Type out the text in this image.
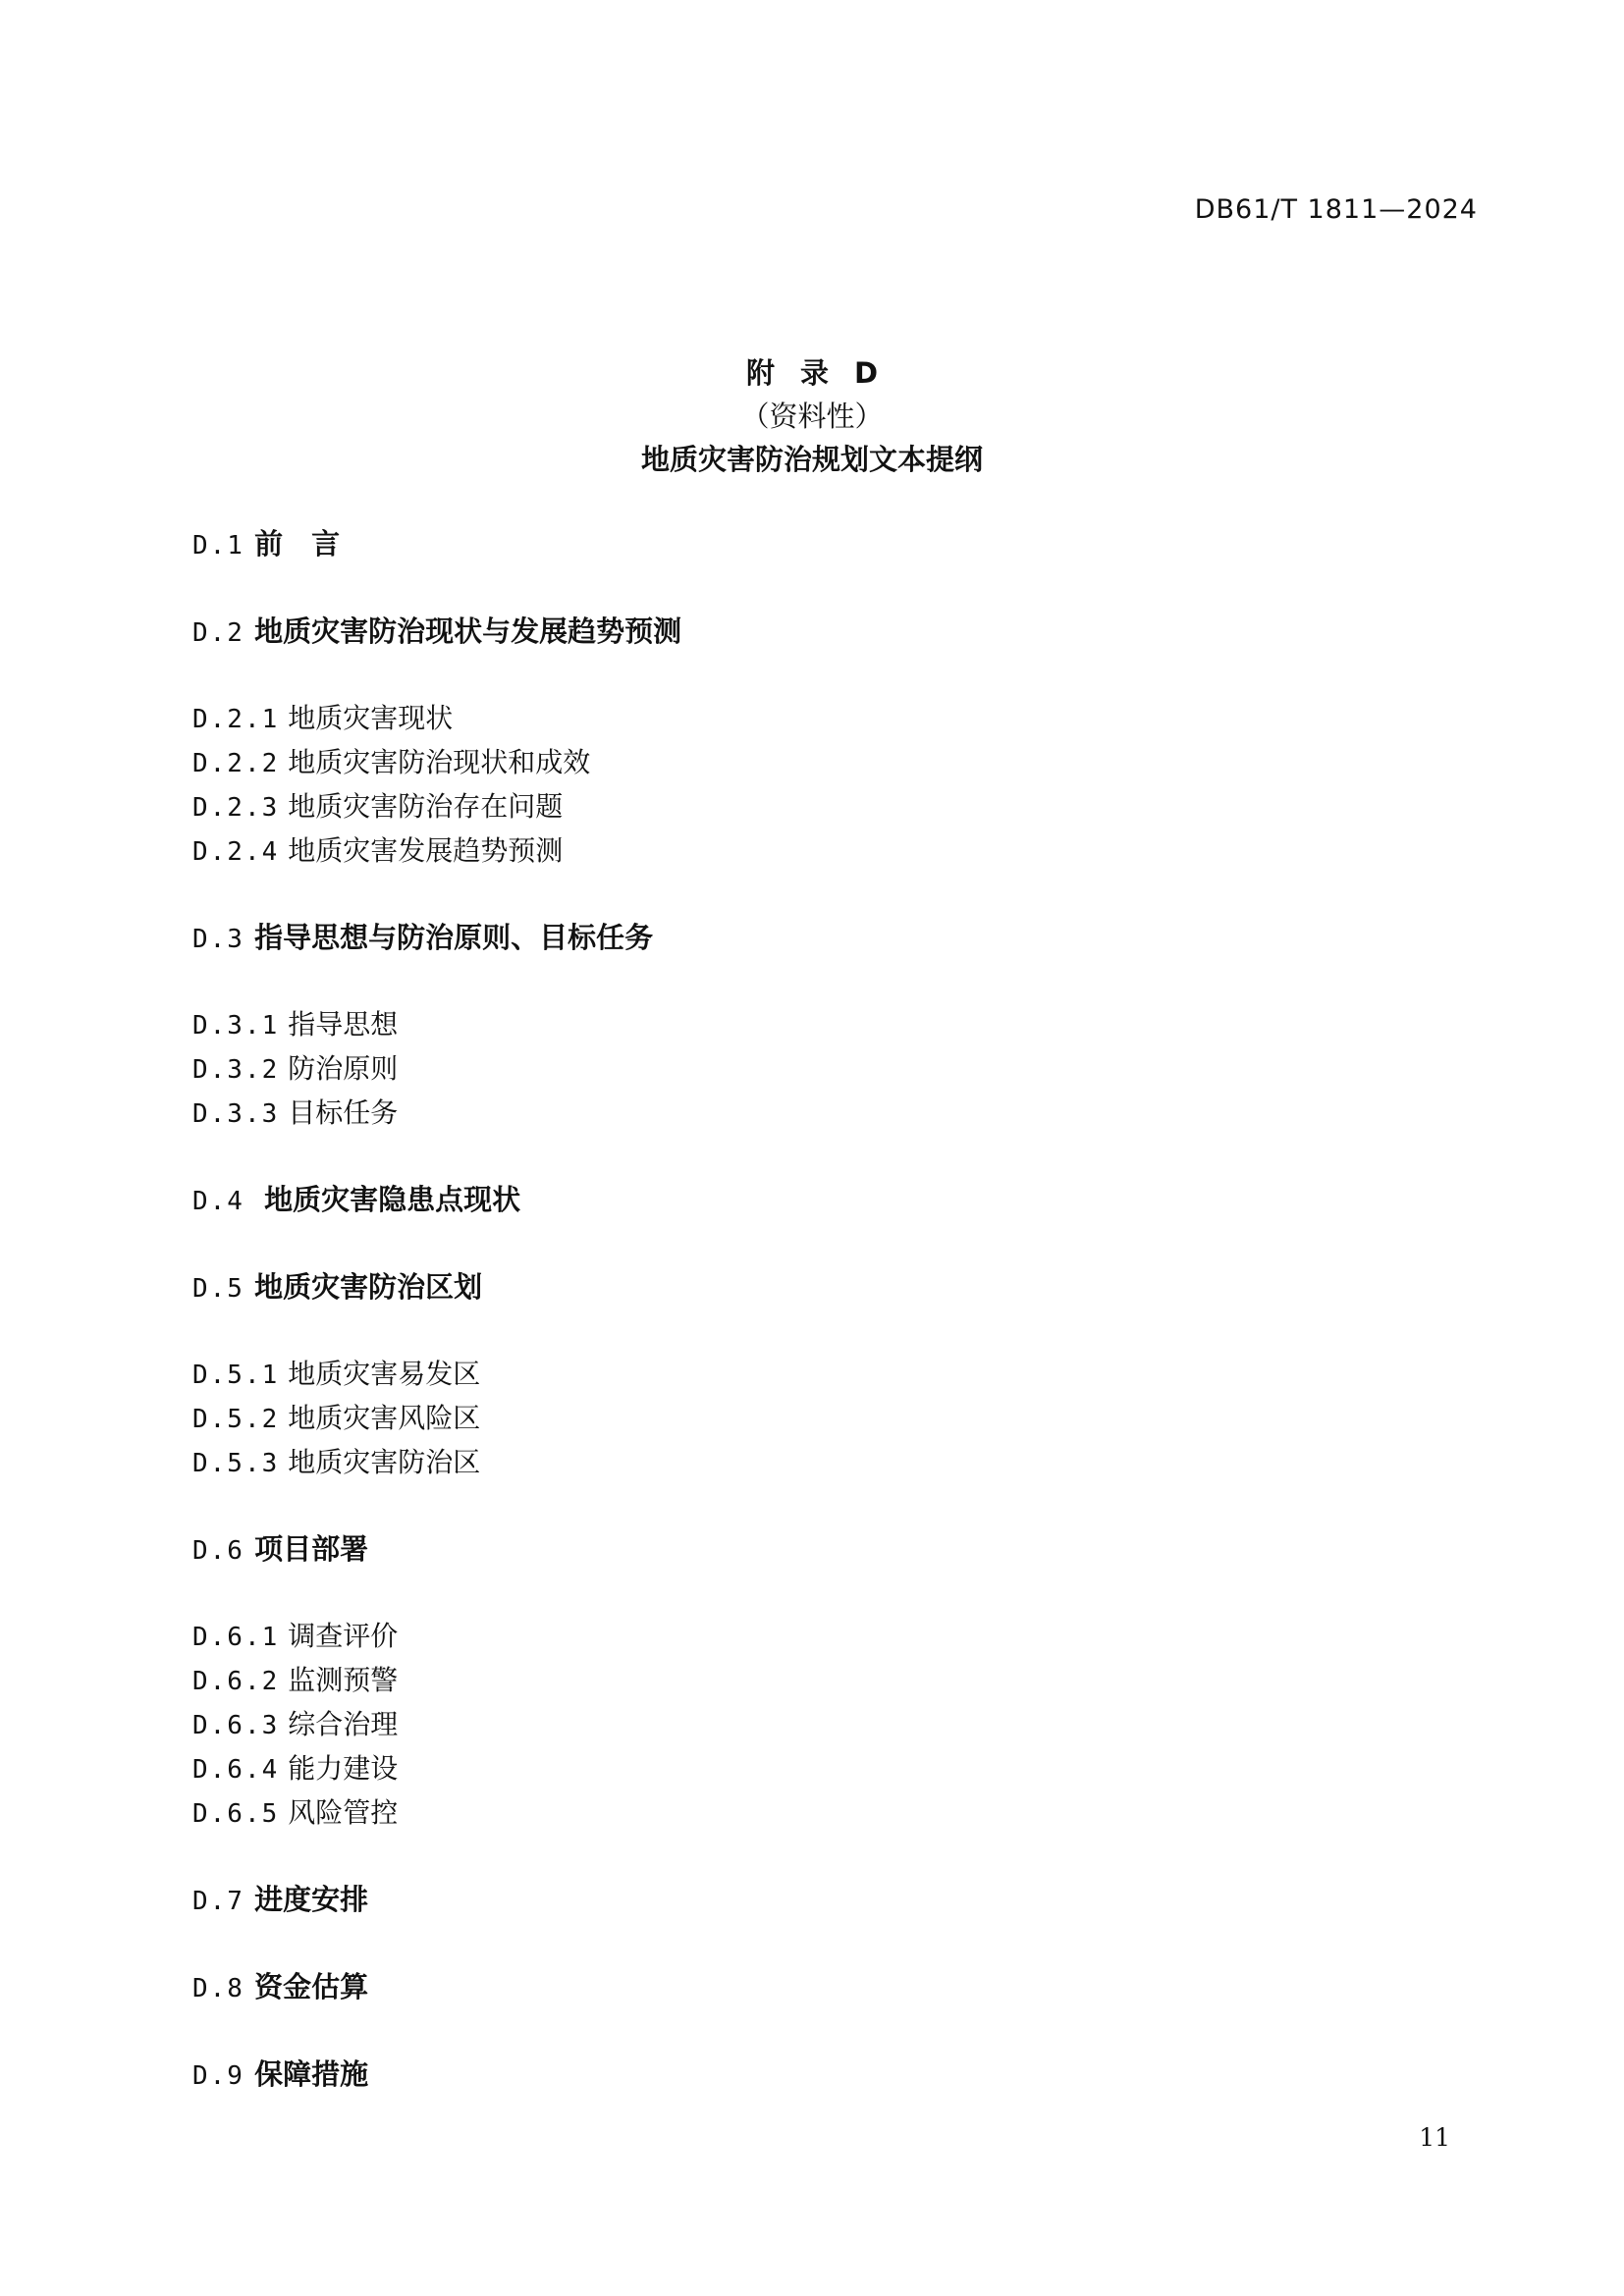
DB61/T 1811—2024
附录D
（资料性）
地质灾害防治规划文本提纲
D.1 前　言
D.2 地质灾害防治现状与发展趋势预测
D.2.1 地质灾害现状
D.2.2 地质灾害防治现状和成效
D.2.3 地质灾害防治存在问题
D.2.4 地质灾害发展趋势预测
D.3 指导思想与防治原则、目标任务
D.3.1 指导思想
D.3.2 防治原则
D.3.3 目标任务
D.4  地质灾害隐患点现状
D.5 地质灾害防治区划
D.5.1 地质灾害易发区
D.5.2 地质灾害风险区
D.5.3 地质灾害防治区
D.6 项目部署
D.6.1 调查评价
D.6.2 监测预警
D.6.3 综合治理
D.6.4 能力建设
D.6.5 风险管控
D.7 进度安排
D.8 资金估算
D.9 保障措施
11
